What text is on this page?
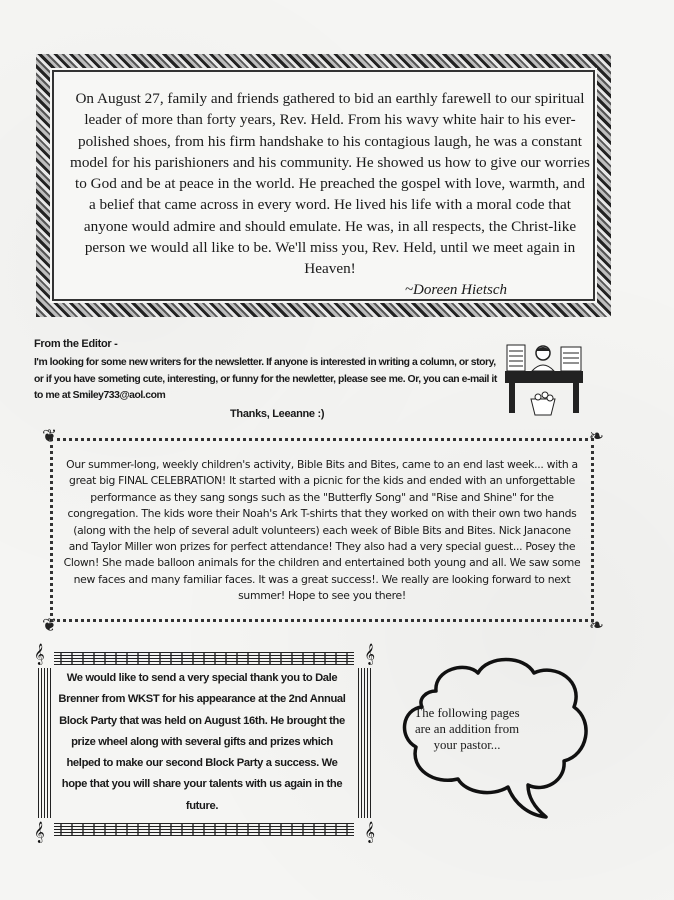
On August 27, family and friends gathered to bid an earthly farewell to our spiritual leader of more than forty years, Rev. Held. From his wavy white hair to his ever-polished shoes, from his firm handshake to his contagious laugh, he was a constant model for his parishioners and his community. He showed us how to give our worries to God and be at peace in the world. He preached the gospel with love, warmth, and a belief that came across in every word. He lived his life with a moral code that anyone would admire and should emulate. He was, in all respects, the Christ-like person we would all like to be. We'll miss you, Rev. Held, until we meet again in Heaven!

~Doreen Hietsch
From the Editor -

I'm looking for some new writers for the newsletter. If anyone is interested in writing a column, or story, or if you have someting cute, interesting, or funny for the newletter, please see me. Or, you can e-mail it to me at Smiley733@aol.com

Thanks, Leeanne :)
❦	❧
❦	❧

Our summer-long, weekly children's activity, Bible Bits and Bites, came to an end last week... with a great big FINAL CELEBRATION! It started with a picnic for the kids and ended with an unforgettable performance as they sang songs such as the "Butterfly Song" and "Rise and Shine" for the congregation. The kids wore their Noah's Ark T-shirts that they worked on with their own two hands (along with the help of several adult volunteers) each week of Bible Bits and Bites. Nick Janacone and Taylor Miller won prizes for perfect attendance! They also had a very special guest... Posey the Clown! She made balloon animals for the children and entertained both young and all. We saw some new faces and many familiar faces. It was a great success!. We really are looking forward to next summer! Hope to see you there!

𝄞	𝄞
𝄞	𝄞

We would like to send a very special thank you to Dale Brenner from WKST for his appearance at the 2nd Annual Block Party that was held on August 16th. He brought the prize wheel along with several gifts and prizes which helped to make our second Block Party a success. We hope that you will share your talents with us again in the future.

The following pages are an addition from your pastor...
